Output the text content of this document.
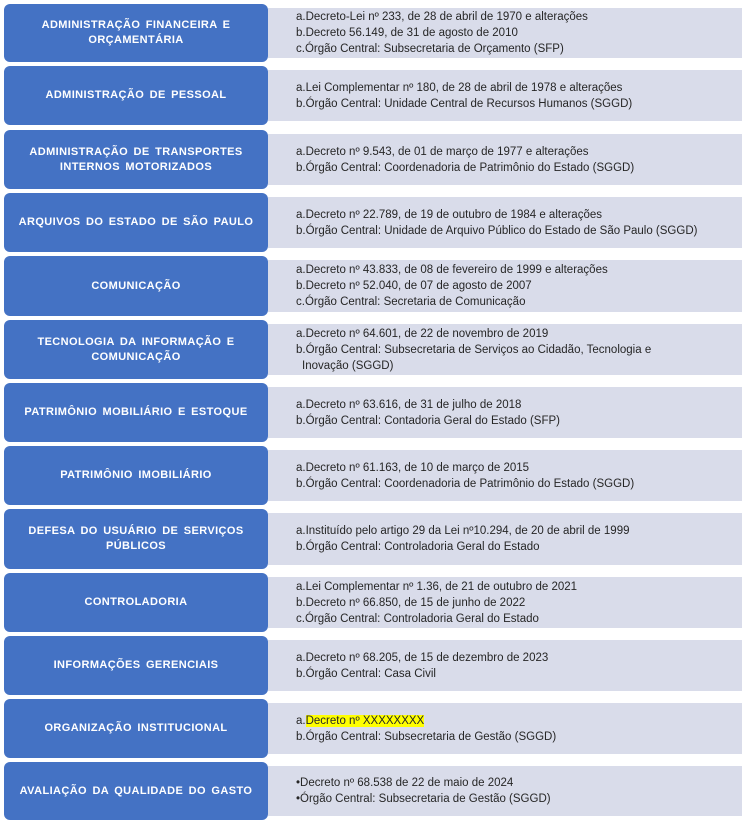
ADMINISTRAÇÃO FINANCEIRA E ORÇAMENTÁRIA
a.Decreto-Lei nº 233, de 28 de abril de 1970 e alterações
b.Decreto 56.149, de 31 de agosto de 2010
c.Órgão Central: Subsecretaria de Orçamento (SFP)
ADMINISTRAÇÃO DE PESSOAL
a.Lei Complementar nº 180, de 28 de abril de 1978 e alterações
b.Órgão Central: Unidade Central de Recursos Humanos (SGGD)
ADMINISTRAÇÃO DE TRANSPORTES INTERNOS MOTORIZADOS
a.Decreto nº 9.543, de 01 de março de 1977 e alterações
b.Órgão Central: Coordenadoria de Patrimônio do Estado (SGGD)
ARQUIVOS DO ESTADO DE SÃO PAULO
a.Decreto nº 22.789, de 19 de outubro de 1984 e alterações
b.Órgão Central: Unidade de Arquivo Público do Estado de São Paulo (SGGD)
COMUNICAÇÃO
a.Decreto nº 43.833, de 08 de fevereiro de 1999 e alterações
b.Decreto nº 52.040, de 07 de agosto de 2007
c.Órgão Central: Secretaria de Comunicação
TECNOLOGIA DA INFORMAÇÃO E COMUNICAÇÃO
a.Decreto nº 64.601, de 22 de novembro de 2019
b.Órgão Central: Subsecretaria de Serviços ao Cidadão, Tecnologia e
Inovação (SGGD)
PATRIMÔNIO MOBILIÁRIO E ESTOQUE
a.Decreto nº 63.616, de 31 de julho de 2018
b.Órgão Central: Contadoria Geral do Estado (SFP)
PATRIMÔNIO IMOBILIÁRIO
a.Decreto nº 61.163, de 10 de março de 2015
b.Órgão Central: Coordenadoria de Patrimônio do Estado (SGGD)
DEFESA DO USUÁRIO DE SERVIÇOS PÚBLICOS
a.Instituído pelo artigo 29 da Lei nº10.294, de 20 de abril de 1999
b.Órgão Central: Controladoria Geral do Estado
CONTROLADORIA
a.Lei Complementar nº 1.36, de 21 de outubro de 2021
b.Decreto nº 66.850, de 15 de junho de 2022
c.Órgão Central: Controladoria Geral do Estado
INFORMAÇÕES GERENCIAIS
a.Decreto nº 68.205, de 15 de dezembro de 2023
b.Órgão Central: Casa Civil
ORGANIZAÇÃO INSTITUCIONAL
a.Decreto nº XXXXXXXX
b.Órgão Central: Subsecretaria de Gestão (SGGD)
AVALIAÇÃO DA QUALIDADE DO GASTO
•Decreto nº 68.538 de 22 de maio de 2024
•Órgão Central: Subsecretaria de Gestão (SGGD)
